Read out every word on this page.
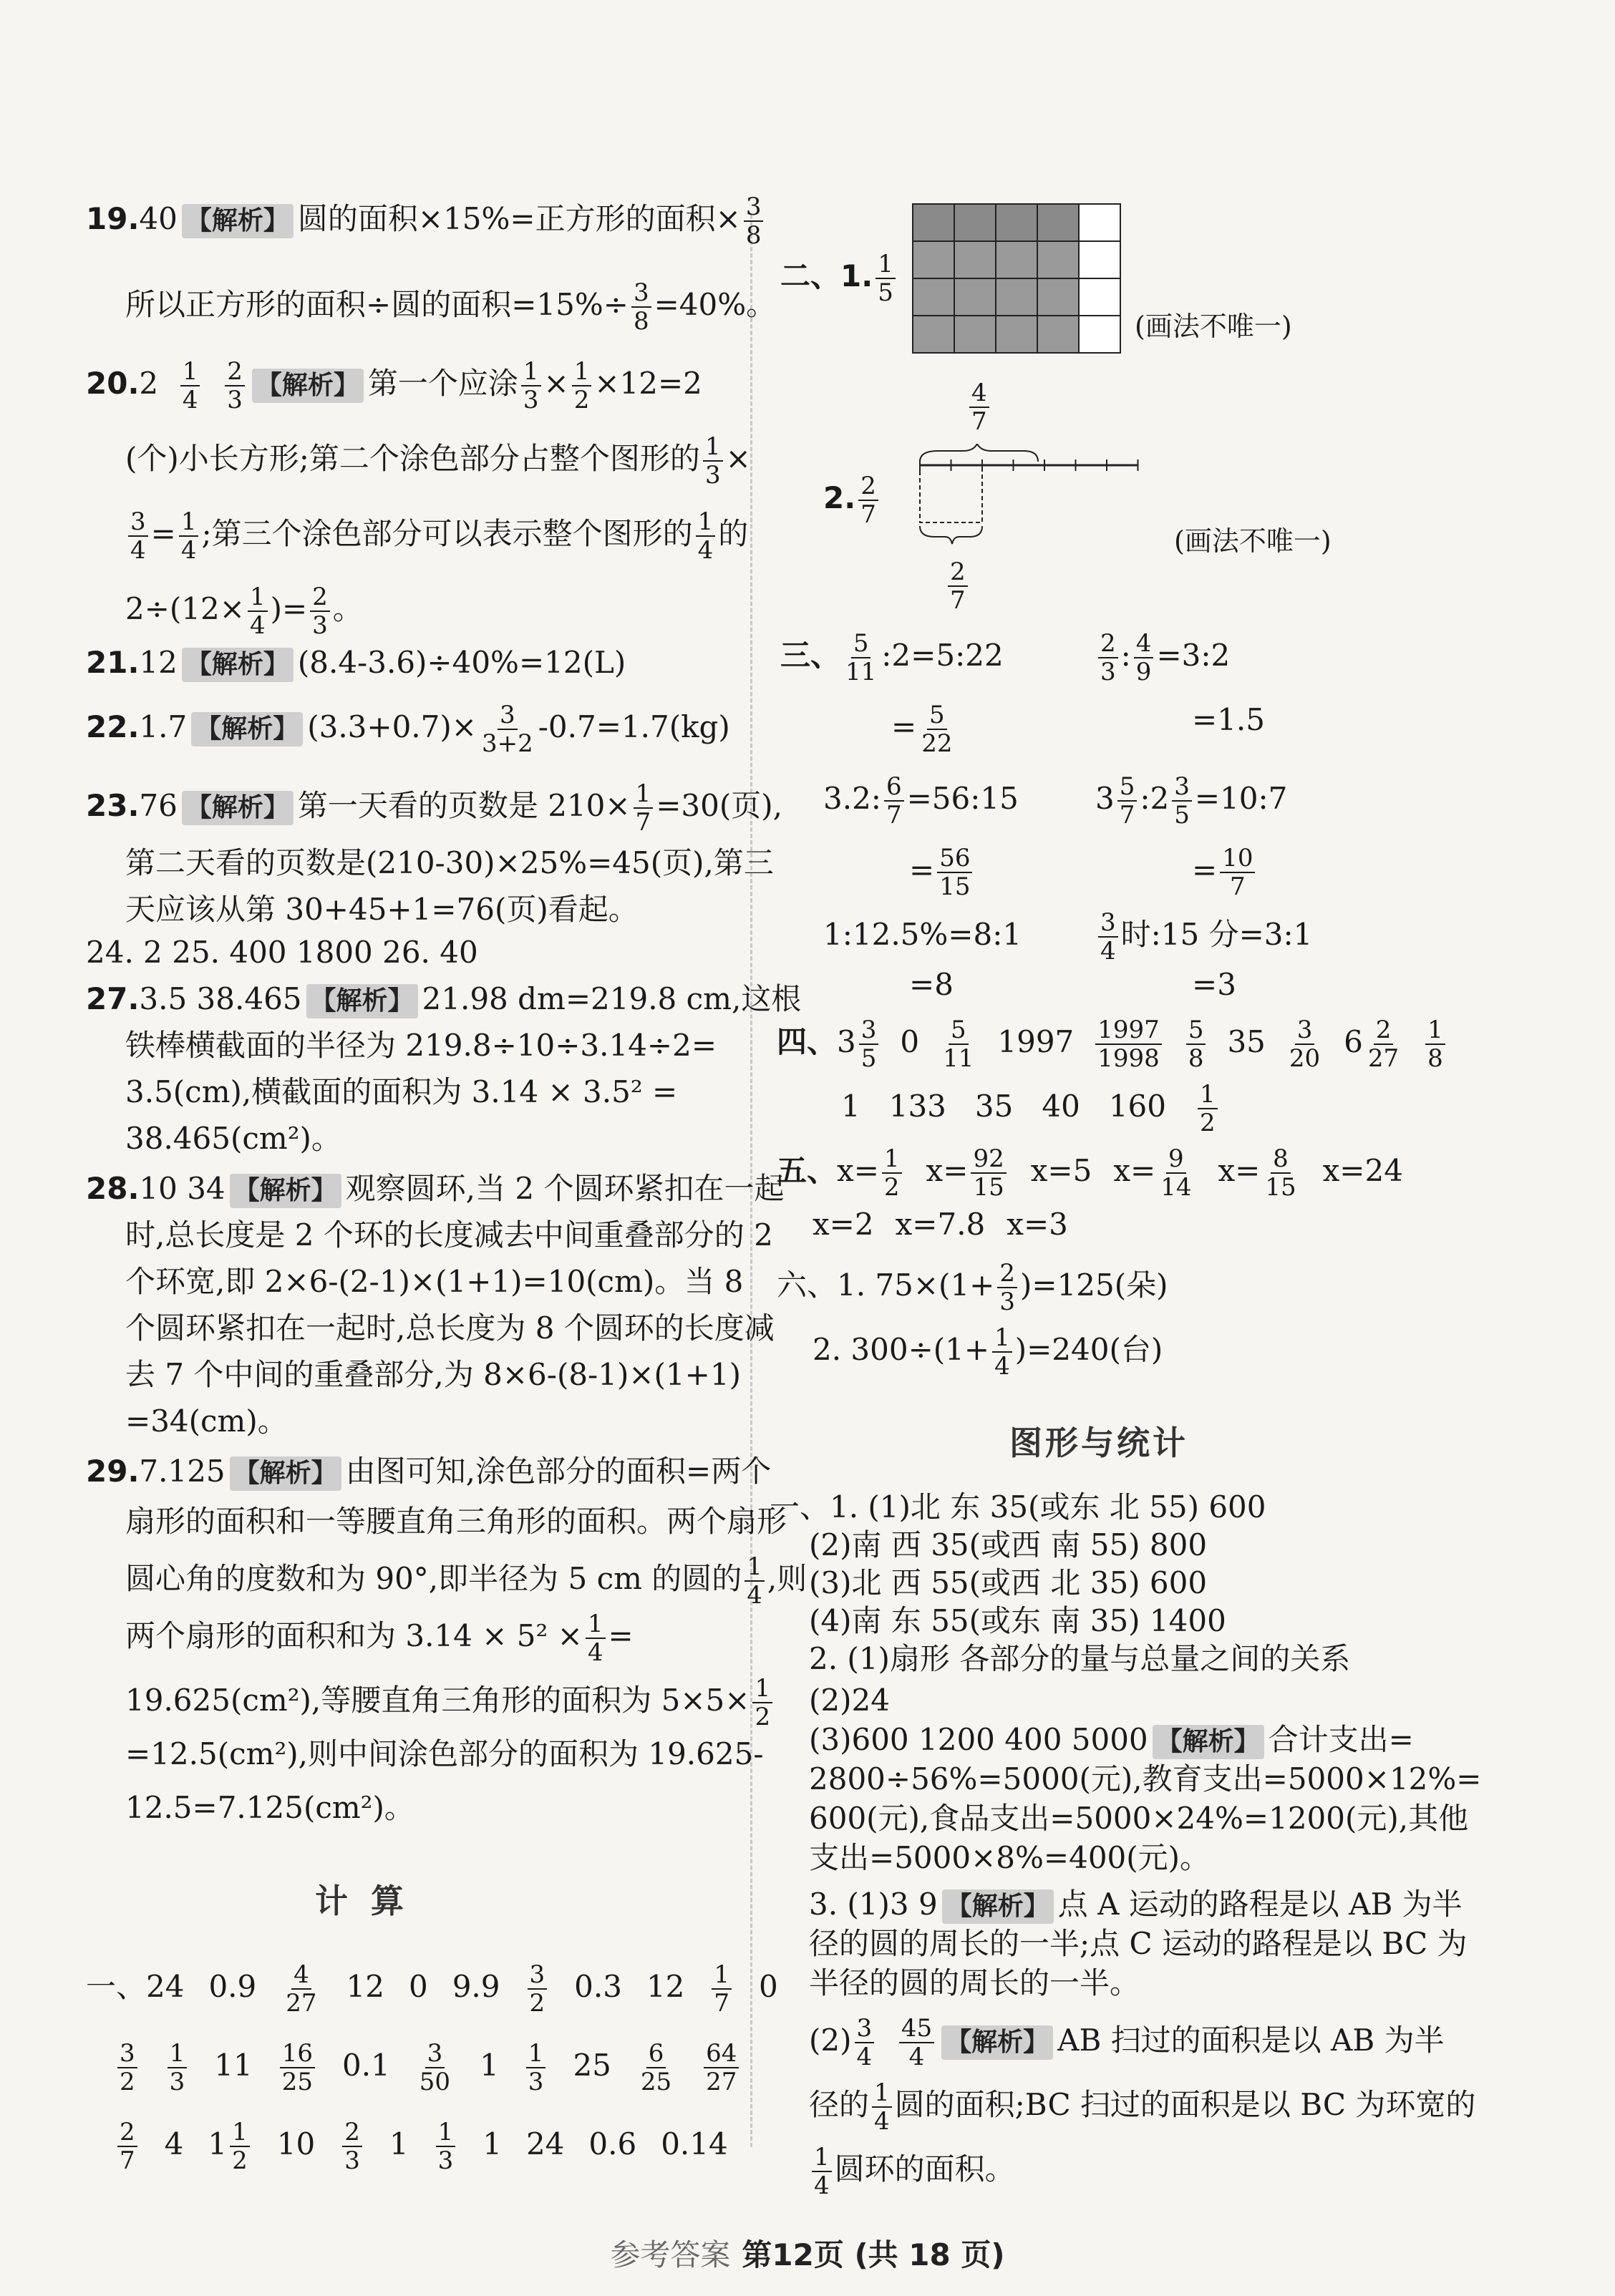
19.40 【解析】 圆的面积×15%=正方形的面积× $\frac{3}{8}$
所以正方形的面积÷圆的面积$=15\%\div \frac{3}{8} =40\%$。
$20.2 \frac{1}{4}$
$\frac{2}{3}$ 【解析】 第一个应涂 $\frac{1}{3} \times \frac{1}{2} \times 12=2$
(个)小长方形;第二个涂色部分占整个图形的 $\frac{1}{3}$ ×
$\frac{3}{4} = \frac{1}{4}$ ;第三个涂色部分可以表示整个图形的 $\frac{1}{4}$ 的
$2\div(12\times \frac{1}{4}$ )= $\frac{2}{3}$ 。
21.12 【解析】 (8.4-3.6)÷40%=12(L)
22.1.7 【解析】 $(3.3+0.7)\times \frac{3}{3+2} -0.7=1.7(kg)$
23.76 【解析】 第一天看的页数是 $210\times \frac{1}{7} =30$(页),
第二天看的页数是(210-30)×25%=45(页),第三
天应该从第 30+45+1=76(页)看起。
24. 2 25. 400 1800 26. 40
27.3.5 38.465 【解析】 21.98 dm=219.8 cm,这根
铁棒横截面的半径为 219.8÷10÷3.14÷2=
3.5(cm),横截面的面积为 3.14 × 3.5² =
38.465(cm²)。
28.10 34 【解析】 观察圆环,当 2 个圆环紧扣在一起
时,总长度是 2 个环的长度减去中间重叠部分的 2
个环宽,即 2×6-(2-1)×(1+1)=10(cm)。当 8
个圆环紧扣在一起时,总长度为 8 个圆环的长度减
去 7 个中间的重叠部分,为 8×6-(8-1)×(1+1)
=34(cm)。
29.7.125 【解析】 由图可知,涂色部分的面积=两个
扇形的面积和一等腰直角三角形的面积。两个扇形
圆心角的度数和为 90°,即半径为 5 cm 的圆的 $\frac{1}{4}$ ,则
两个扇形的面积和为 $3.14 \times 5^2 \times \frac{1}{4}$ =
19.625(cm²),等腰直角三角形的面积为 $5\times 5\times \frac{1}{2}$
=12.5(cm²),则中间涂色部分的面积为 19.625-
12.5=7.125(cm²)。
计 算
一、24 $0.9 \frac{4}{27} 12$ 0 $9.9 \frac{3}{2} 0.3$ $12 \frac{1}{7} 0$
$\frac{3}{2} \frac{1}{3} 11 \frac{16}{25} 0.1 \frac{3}{50} 1 \frac{1}{3} 25 \frac{6}{25} \frac{64}{27}$
$\frac{2}{7} 4$ $1 \frac{1}{2} 10 \frac{2}{3} 1 \frac{1}{3} 1$ 24 0.6 0.14
二、1. $\frac{1}{5}$
(画法不唯一)
$\frac{4}{7}$
2. $\frac{2}{7}$
$\frac{2}{7}$
(画法不唯一)
三、 $\frac{5}{11}$ :2=5:22	$\frac{2}{3}$ : $\frac{4}{9}$ =3:2
= $\frac{5}{22}$	=1.5
3.2: $\frac{6}{7}$ =56:15	$3 \frac{5}{7}$ :2 $\frac{3}{5}$ =10:7
= $\frac{56}{15}$	= $\frac{10}{7}$
1:12.5%=8:1	$\frac{3}{4}$ 时:15 分=3:1
=8	=3
四、$3 \frac{3}{5} 0 \frac{5}{11} 1997 \frac{1997}{1998} \frac{5}{8} 35 \frac{3}{20} 6 \frac{2}{27} \frac{1}{8}$
1 133 35 40 $160 \frac{1}{2}$
五、$x= \frac{1}{2} x= \frac{92}{15} x=5$ $x= \frac{9}{14} x= \frac{8}{15} x=24$
x=2 x=7.8 x=3
六、1. $75\times(1+ \frac{2}{3} )=125$(朵)
2. $300\div(1+ \frac{1}{4} )=240$(台)
图形与统计
一、1. (1)北 东 35(或东 北 55) 600
(2)南 西 35(或西 南 55) 800
(3)北 西 55(或西 北 35) 600
(4)南 东 55(或东 南 35) 1400
2. (1)扇形 各部分的量与总量之间的关系
(2)24
(3)600 1200 400 5000 【解析】 合计支出=
2800÷56%=5000(元),教育支出=5000×12%=
600(元),食品支出=5000×24%=1200(元),其他
支出=5000×8%=400(元)。
3. (1)3 9 【解析】 点 A 运动的路程是以 AB 为半
径的圆的周长的一半;点 C 运动的路程是以 BC 为
半径的圆的周长的一半。
$(2) \frac{3}{4}$
$\frac{45}{4}$ 【解析】 AB 扫过的面积是以 AB 为半
径的 $\frac{1}{4}$ 圆的面积;BC 扫过的面积是以 BC 为环宽的
$\frac{1}{4}$ 圆环的面积。
参考答案 第12页 (共 18 页)
